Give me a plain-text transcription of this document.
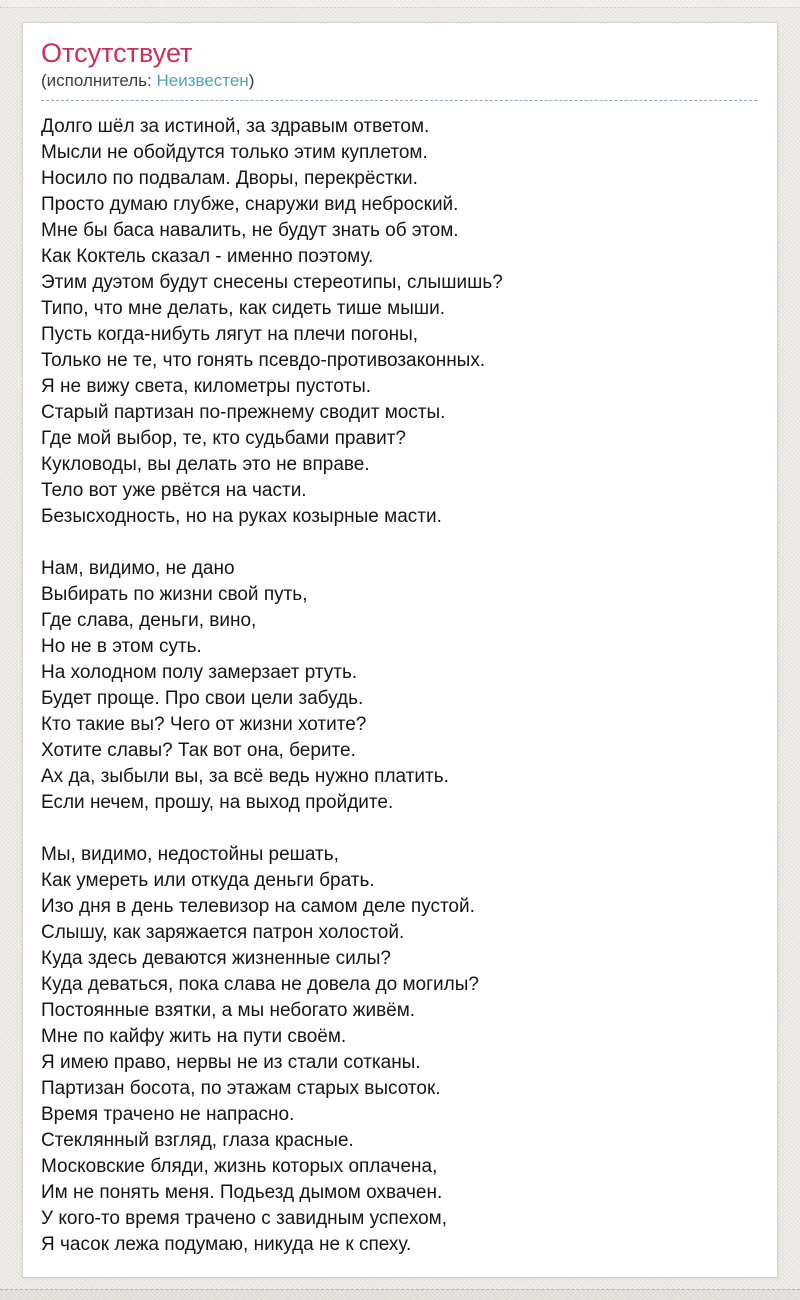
Отсутствует
(исполнитель: Неизвестен)
Долго шёл за истиной, за здравым ответом.
Мысли не обойдутся только этим куплетом.
Носило по подвалам. Дворы, перекрёстки.
Просто думаю глубже, снаружи вид неброский.
Мне бы баса навалить, не будут знать об этом.
Как Коктель сказал - именно поэтому.
Этим дуэтом будут снесены стереотипы, слышишь?
Типо, что мне делать, как сидеть тише мыши.
Пусть когда-нибуть лягут на плечи погоны,
Только не те, что гонять псевдо-противозаконных.
Я не вижу света, километры пустоты.
Старый партизан по-прежнему сводит мосты.
Где мой выбор, те, кто судьбами правит?
Кукловоды, вы делать это не вправе.
Тело вот уже рвётся на части.
Безысходность, но на руках козырные масти.
Нам, видимо, не дано
Выбирать по жизни свой путь,
Где слава, деньги, вино,
Но не в этом суть.
На холодном полу замерзает ртуть.
Будет проще. Про свои цели забудь.
Кто такие вы? Чего от жизни хотите?
Хотите славы? Так вот она, берите.
Ах да, зыбыли вы, за всё ведь нужно платить.
Если нечем, прошу, на выход пройдите.
Мы, видимо, недостойны решать,
Как умереть или откуда деньги брать.
Изо дня в день телевизор на самом деле пустой.
Слышу, как заряжается патрон холостой.
Куда здесь деваются жизненные силы?
Куда деваться, пока слава не довела до могилы?
Постоянные взятки, а мы небогато живём.
Мне по кайфу жить на пути своём.
Я имею право, нервы не из стали сотканы.
Партизан босота, по этажам старых высоток.
Время трачено не напрасно.
Стеклянный взгляд, глаза красные.
Московские бляди, жизнь которых оплачена,
Им не понять меня. Подьезд дымом охвачен.
У кого-то время трачено с завидным успехом,
Я часок лежа подумаю, никуда не к спеху.
